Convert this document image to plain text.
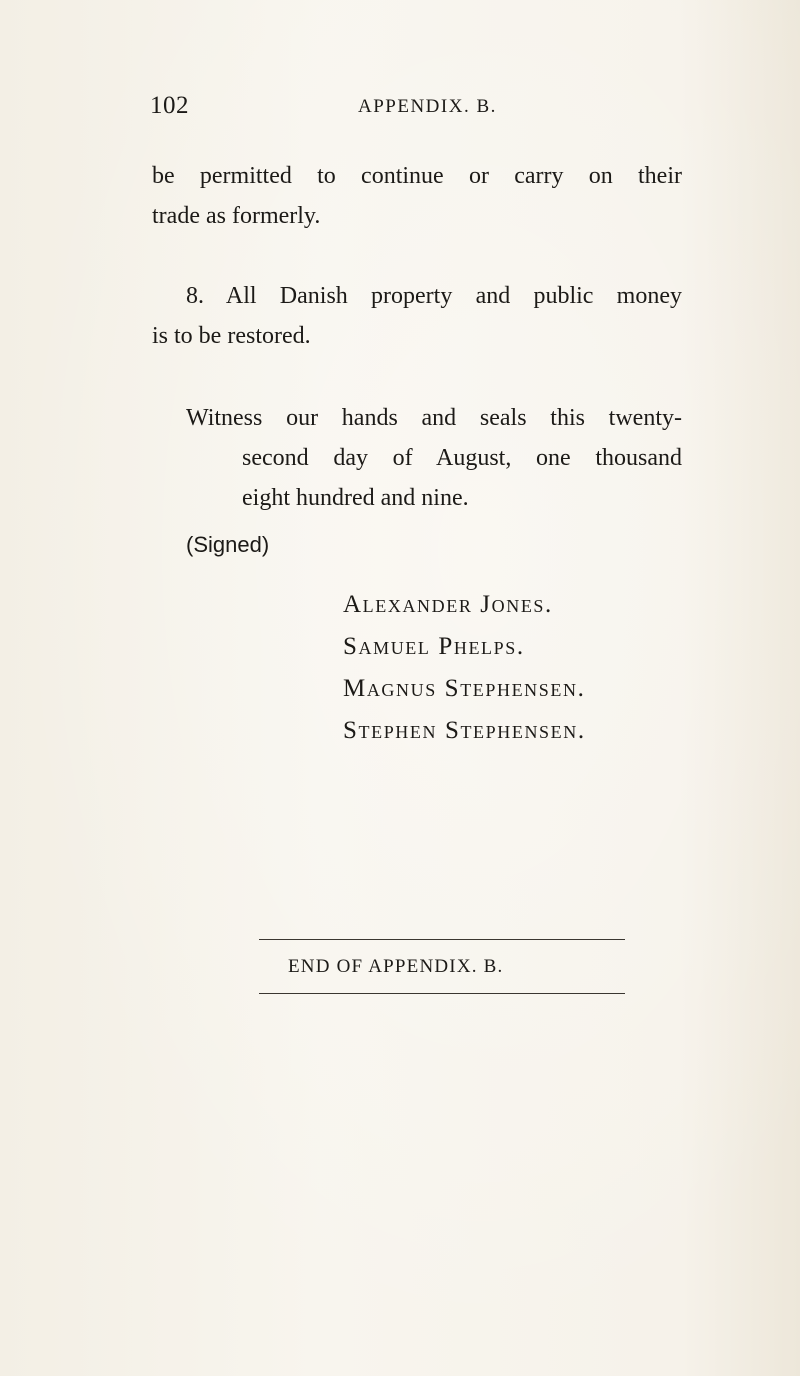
102	APPENDIX. B.

be permitted to continue or carry on their
trade as formerly.

8. All Danish property and public money
is to be restored.

Witness our hands and seals this twenty-
second day of August, one thousand
eight hundred and nine.

(Signed)
Alexander Jones.
Samuel Phelps.
Magnus Stephensen.
Stephen Stephensen.
END OF APPENDIX. B.
